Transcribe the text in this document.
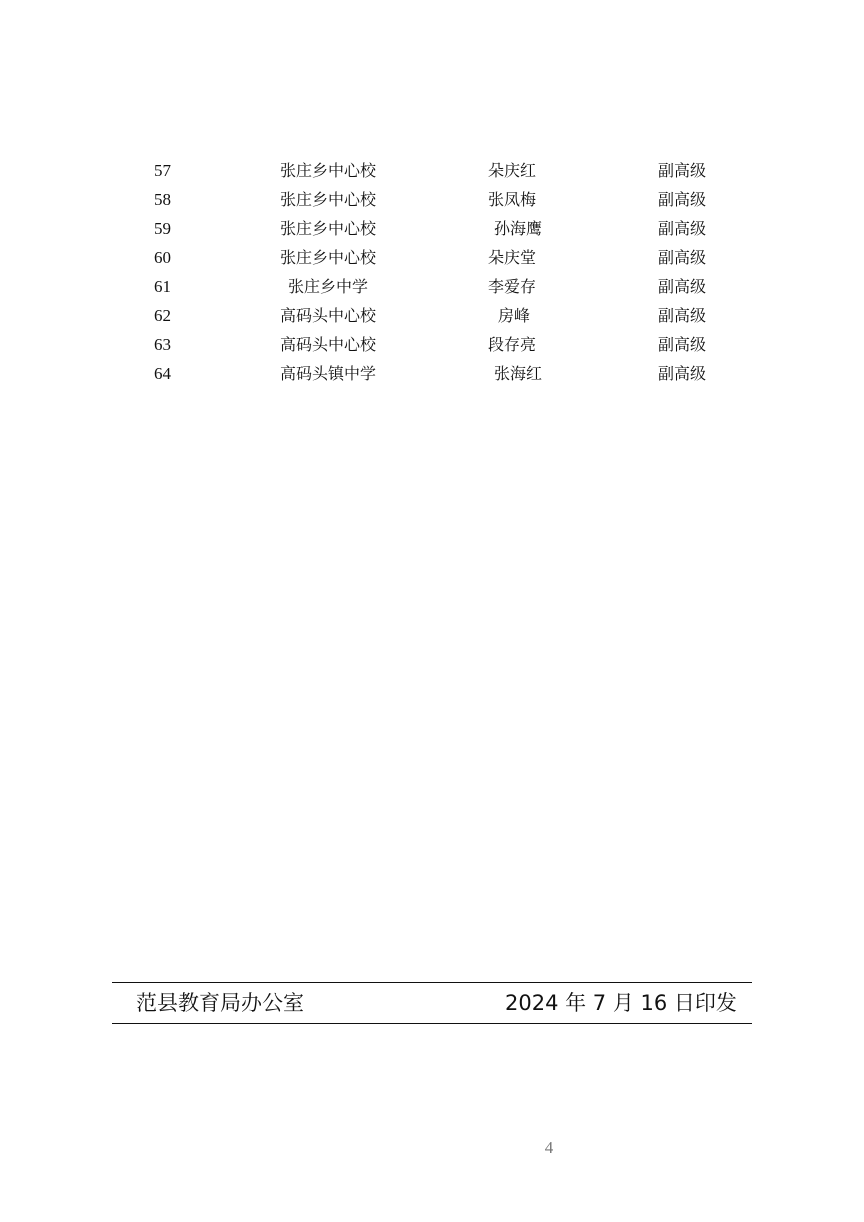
57	张庄乡中心校	朵庆红	副高级
58	张庄乡中心校	张凤梅	副高级
59	张庄乡中心校	孙海鹰	副高级
60	张庄乡中心校	朵庆堂	副高级
61	张庄乡中学	李爱存	副高级
62	高码头中心校	房峰	副高级
63	高码头中心校	段存亮	副高级
64	高码头镇中学	张海红	副高级
范县教育局办公室	2024 年 7 月 16 日印发
4
